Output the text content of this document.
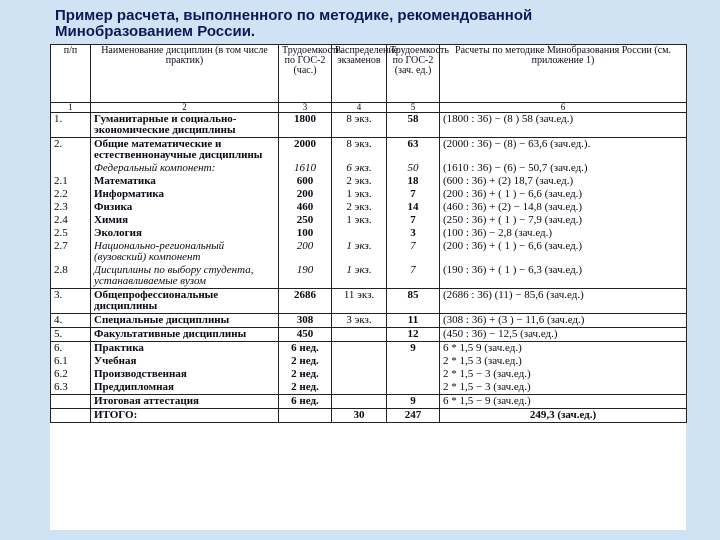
Пример расчета, выполненного по методике, рекомендованной
Минобразованием России.
п/п	Наименование дисциплин (в том числе практик)	Трудоемкость по ГОС-2 (час.)	Распределение экзаменов	Трудоемкость по ГОС-2 (зач. ед.)	Расчеты по методике Минобразования России (см. приложение 1)
1	2	3	4	5	6
1.	Гуманитарные и социально-экономические дисциплины	1800	8 экз.	58	(1800 : 36) − (8 ) 58 (зач.ед.)
2.	Общие математические и естественнонаучные дисциплины	2000	8 экз.	63	(2000 : 36) − (8) − 63,6 (зач.ед.).
	Федеральный компонент:	1610	6 экз.	50	(1610 : 36) − (6) − 50,7 (зач.ед.)
2.1	Математика	600	2 экз.	18	(600 : 36) + (2) 18,7 (зач.ед.)
2.2	Информатика	200	1 экз.	7	(200 : 36) + ( 1 ) − 6,6 (зач.ед.)
2.3	Физика	460	2 экз.	14	(460 : 36) + (2) − 14,8 (зач.ед.)
2.4	Химия	250	1 экз.	7	(250 : 36) + ( 1 ) − 7,9 (зач.ед.)
2.5	Экология	100		3	(100 : 36) − 2,8 (зач.ед.)
2.7	Национально-региональный (вузовский) компонент	200	1 экз.	7	(200 : 36) + ( 1 ) − 6,6 (зач.ед.)
2.8	Дисциплины по выбору студента, устанавливаемые вузом	190	1 экз.	7	(190 : 36) + ( 1 ) − 6,3 (зач.ед.)
3.	Общепрофессиональные дисциплины	2686	11 экз.	85	(2686 : 36) (11) − 85,6 (зач.ед.)
4.	Специальные дисциплины	308	3 экз.	11	(308 : 36) + (3 ) − 11,6 (зач.ед.)
5.	Факультативные дисциплины	450		12	(450 : 36) − 12,5 (зач.ед.)
6.	Практика	6 нед.		9	6 * 1,5 9 (зач.ед.)
6.1	Учебная	2 нед.			2 * 1,5 3 (зач.ед.)
6.2	Производственная	2 нед.			2 * 1,5 − 3 (зач.ед.)
6.3	Преддипломная	2 нед.			2 * 1,5 − 3 (зач.ед.)
	Итоговая аттестация	6 нед.		9	6 * 1,5 − 9 (зач.ед.)
	ИТОГО:		30	247	249,3 (зач.ед.)
